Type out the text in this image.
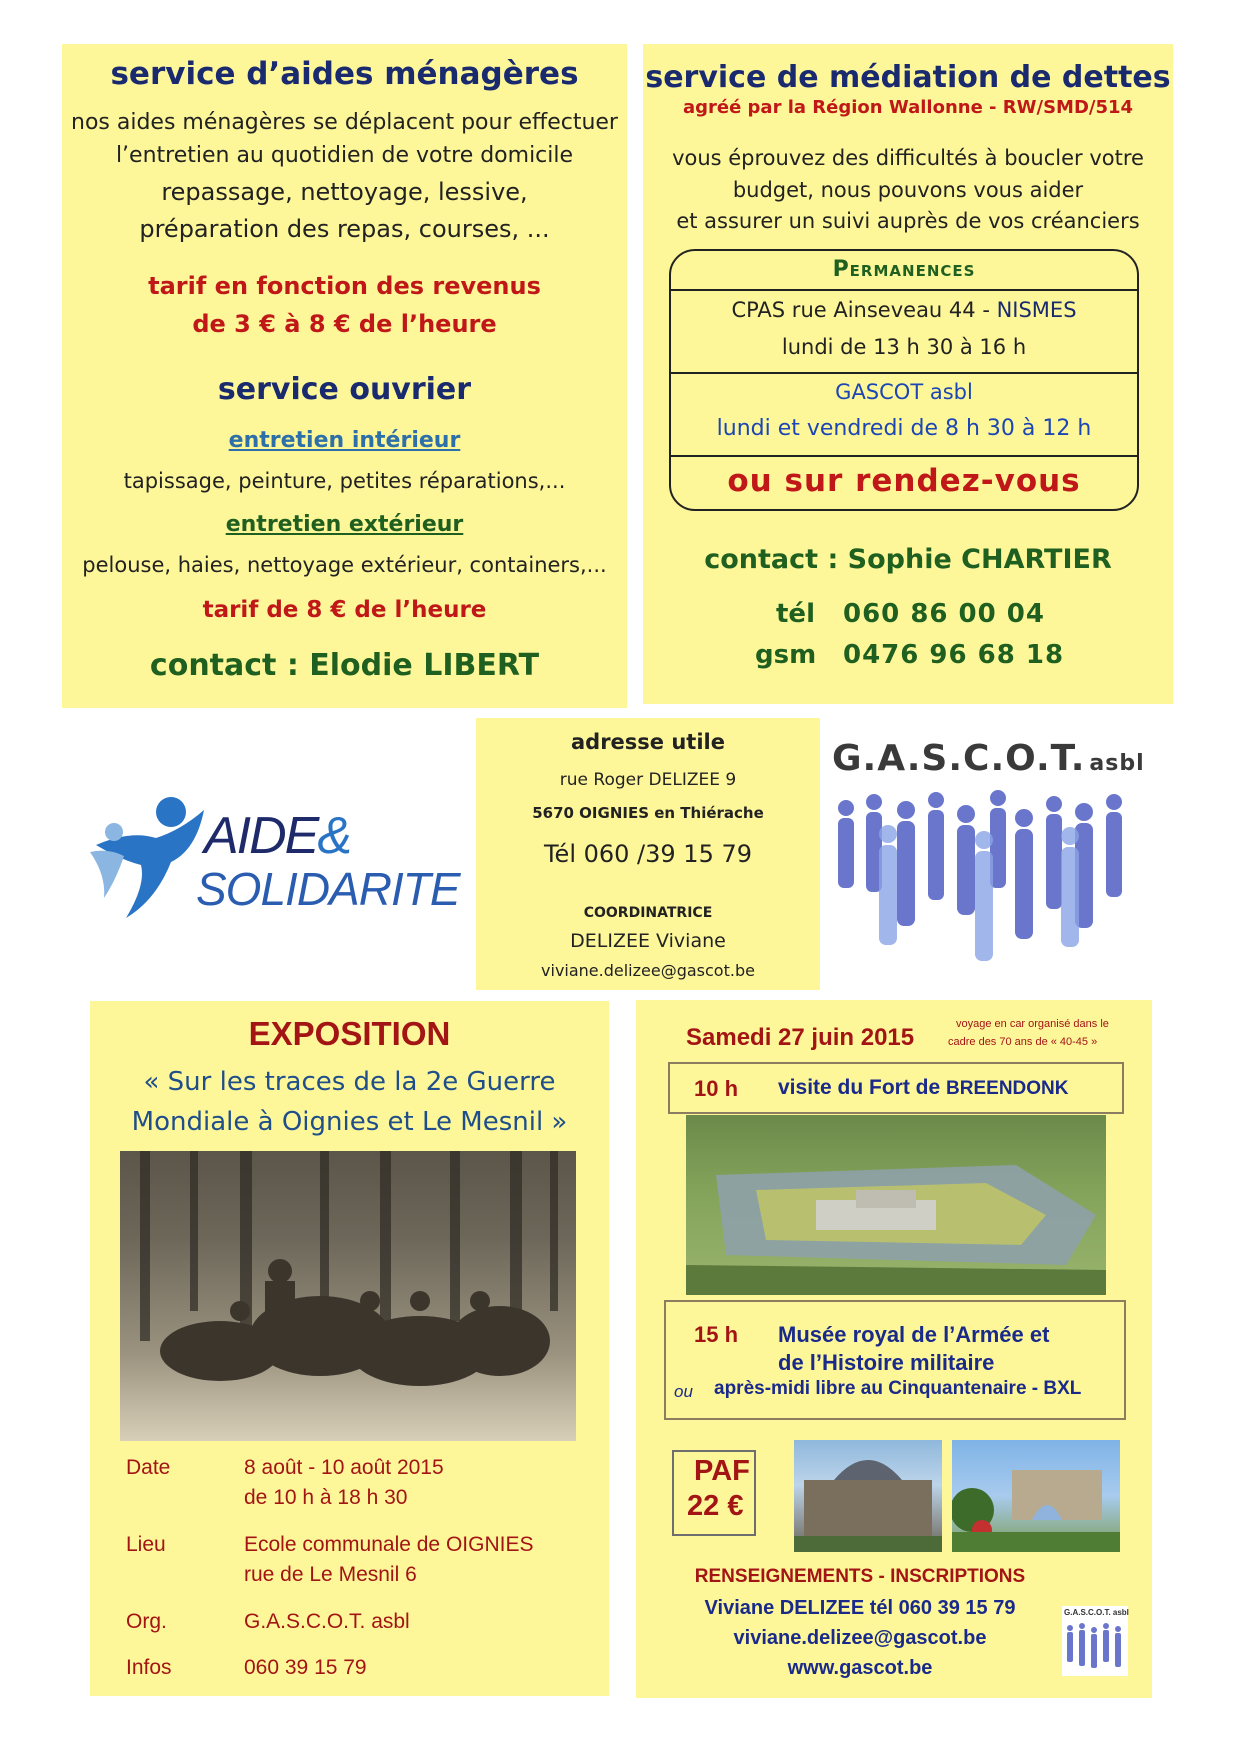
service d’aides ménagères
nos aides ménagères se déplacent pour effectuer
l’entretien au quotidien de votre domicile
repassage, nettoyage, lessive,
préparation des repas, courses, ...
tarif en fonction des revenus
de 3 € à 8 € de l’heure
service ouvrier
entretien intérieur
tapissage, peinture, petites réparations,...
entretien extérieur
pelouse, haies, nettoyage extérieur, containers,...
tarif de 8 € de l’heure
contact : Elodie LIBERT
service de médiation de dettes
agréé par la Région Wallonne - RW/SMD/514
vous éprouvez des difficultés à boucler votre
budget, nous pouvons vous aider
et assurer un suivi auprès de vos créanciers
Permanences
CPAS rue Ainseveau 44 - NISMES
lundi de 13 h 30 à 16 h
GASCOT asbl
lundi et vendredi de 8 h 30 à 12 h
ou sur rendez-vous
contact : Sophie CHARTIER
tél 060 86 00 04
gsm 0476 96 68 18
AIDE&
SOLIDARITE
adresse utile
rue Roger DELIZEE 9
5670 OIGNIES en Thiérache
Tél 060 /39 15 79
COORDINATRICE
DELIZEE Viviane
viviane.delizee@gascot.be
G.A.S.C.O.T. asbl
EXPOSITION
« Sur les traces de la 2e Guerre
Mondiale à Oignies et Le Mesnil »
Date	8 août - 10 août 2015
de 10 h à 18 h 30
Lieu	Ecole communale de OIGNIES
rue de Le Mesnil 6
Org.	G.A.S.C.O.T. asbl
Infos	060 39 15 79
Samedi 27 juin 2015	voyage en car organisé dans le
cadre des 70 ans de « 40-45 »
10 h visite du Fort de BREENDONK
15 h Musée royal de l’Armée et
de l’Histoire militaire
ou après-midi libre au Cinquantenaire - BXL
PAF
22 €
RENSEIGNEMENTS - INSCRIPTIONS
Viviane DELIZEE tél 060 39 15 79
viviane.delizee@gascot.be
www.gascot.be
G.A.S.C.O.T. asbl
